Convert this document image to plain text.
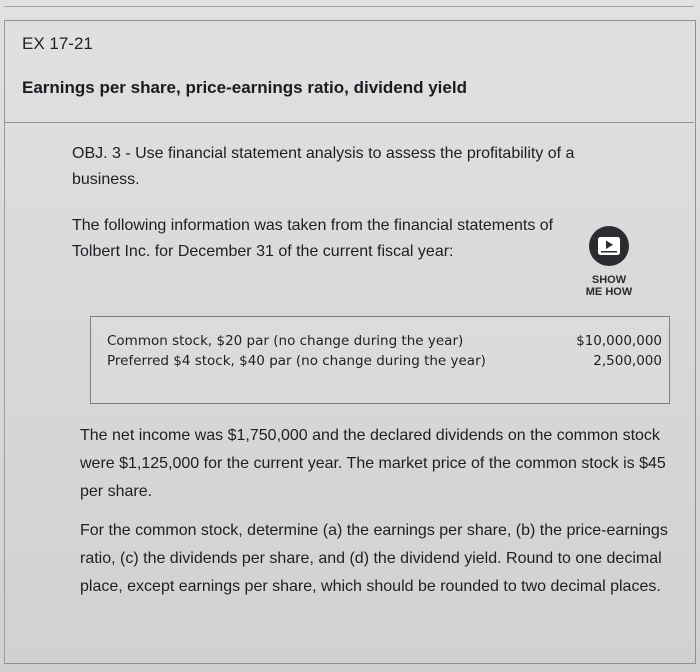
EX 17-21
Earnings per share, price-earnings ratio, dividend yield
OBJ. 3 - Use financial statement analysis to assess the profitability of a business.
The following information was taken from the financial statements of Tolbert Inc. for December 31 of the current fiscal year:
SHOW
ME HOW
Common stock, $20 par (no change during the year)	$10,000,000
Preferred $4 stock, $40 par (no change during the year)	2,500,000
The net income was $1,750,000 and the declared dividends on the common stock were $1,125,000 for the current year. The market price of the common stock is $45 per share.
For the common stock, determine (a) the earnings per share, (b) the price-earnings ratio, (c) the dividends per share, and (d) the dividend yield. Round to one decimal place, except earnings per share, which should be rounded to two decimal places.
